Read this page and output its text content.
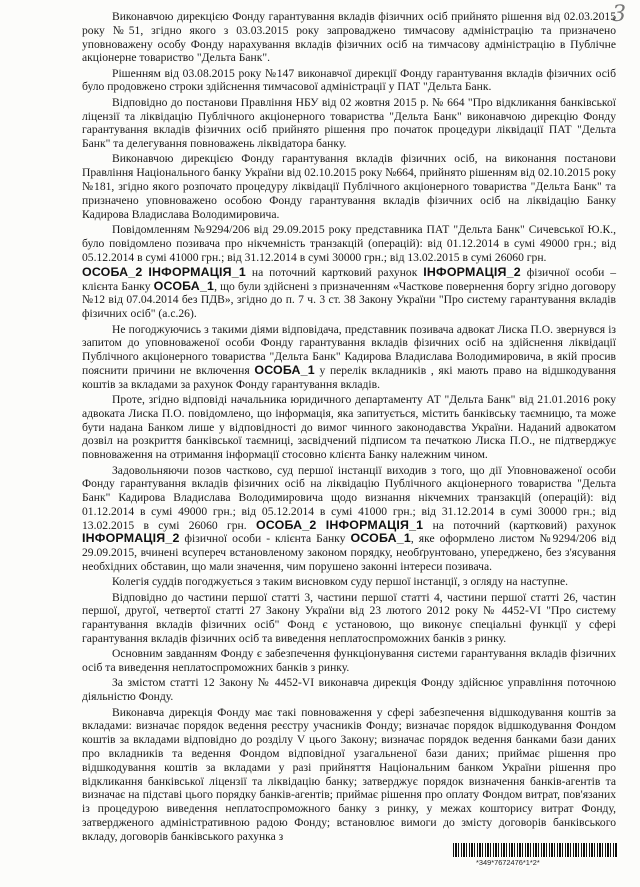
3

Виконавчою дирекцією Фонду гарантування вкладів фізичних осіб прийнято рішення від 02.03.2015 року №51, згідно якого з 03.03.2015 року запроваджено тимчасову адміністрацію та призначено уповноважену особу Фонду нарахування вкладів фізичних осіб на тимчасову адміністрацію в Публічне акціонерне товариство "Дельта Банк".

Рішенням від 03.08.2015 року №147 виконавчої дирекції Фонду гарантування вкладів фізичних осіб було продовжено строки здійснення тимчасової адміністрації у ПАТ "Дельта Банк.

Відповідно до постанови Правління НБУ від 02 жовтня 2015 р. № 664 "Про відкликання банківської ліцензії та ліквідацію Публічного акціонерного товариства "Дельта Банк" виконавчою дирекцію Фонду гарантування вкладів фізичних осіб прийнято рішення про початок процедури ліквідації ПАТ "Дельта Банк" та делегування повноважень ліквідатора банку.

Виконавчою дирекцією Фонду гарантування вкладів фізичних осіб, на виконання постанови Правління Національного банку України від 02.10.2015 року №664, прийнято рішенням від 02.10.2015 року №181, згідно якого розпочато процедуру ліквідації Публічного акціонерного товариства "Дельта Банк" та призначено уповноважено особою Фонду гарантування вкладів фізичних осіб на ліквідацію Банку Кадирова Владислава Володимировича.

Повідомленням №9294/206 від 29.09.2015 року представника ПАТ "Дельта Банк" Сичевської Ю.К., було повідомлено позивача про нікчемність транзакцій (операцій): від 01.12.2014 в сумі 49000 грн.; від 05.12.2014 в сумі 41000 грн.; від 31.12.2014 в сумі 30000 грн.; від 13.02.2015 в сумі 26060 грн.

ОСОБА_2 ІНФОРМАЦІЯ_1 на поточний картковий рахунок ІНФОРМАЦІЯ_2 фізичної особи – клієнта Банку ОСОБА_1, що були здійснені з призначенням «Часткове повернення боргу згідно договору №12 від 07.04.2014 без ПДВ», згідно до п. 7 ч. 3 ст. 38 Закону України "Про систему гарантування вкладів фізичних осіб" (а.с.26).

Не погоджуючись з такими діями відповідача, представник позивача адвокат Лиска П.О. звернувся із запитом до уповноваженої особи Фонду гарантування вкладів фізичних осіб на здійснення ліквідації Публічного акціонерного товариства "Дельта Банк" Кадирова Владислава Володимировича, в якій просив пояснити причини не включення ОСОБА_1 у перелік вкладників , які мають право на відшкодування коштів за вкладами за рахунок Фонду гарантування вкладів.

Проте, згідно відповіді начальника юридичного департаменту АТ "Дельта Банк" від 21.01.2016 року адвоката Лиска П.О. повідомлено, що інформація, яка запитується, містить банківську таємницю, та може бути надана Банком лише у відповідності до вимог чинного законодавства України. Наданий адвокатом дозвіл на розкриття банківської таємниці, засвідчений підписом та печаткою Лиска П.О., не підтверджує повноваження на отримання інформації стосовно клієнта Банку належним чином.

Задовольняючи позов частково, суд першої інстанції виходив з того, що дії Уповноваженої особи Фонду гарантування вкладів фізичних осіб на ліквідацію Публічного акціонерного товариства "Дельта Банк" Кадирова Владислава Володимировича щодо визнання нікчемних транзакцій (операцій): від 01.12.2014 в сумі 49000 грн.; від 05.12.2014 в сумі 41000 грн.; від 31.12.2014 в сумі 30000 грн.; від 13.02.2015 в сумі 26060 грн. ОСОБА_2 ІНФОРМАЦІЯ_1 на поточний (картковий) рахунок ІНФОРМАЦІЯ_2 фізичної особи - клієнта Банку ОСОБА_1, яке оформлено листом №9294/206 від 29.09.2015, вчинені всупереч встановленому законом порядку, необґрунтовано, упереджено, без з'ясування необхідних обставин, що мали значення, чим порушено законні інтереси позивача.

Колегія суддів погоджується з таким висновком суду першої інстанції, з огляду на наступне.

Відповідно до частини першої статті 3, частини першої статті 4, частини першої статті 26, частин першої, другої, четвертої статті 27 Закону України від 23 лютого 2012 року № 4452-VI "Про систему гарантування вкладів фізичних осіб" Фонд є установою, що виконує спеціальні функції у сфері гарантування вкладів фізичних осіб та виведення неплатоспроможних банків з ринку.

Основним завданням Фонду є забезпечення функціонування системи гарантування вкладів фізичних осіб та виведення неплатоспроможних банків з ринку.

За змістом статті 12 Закону № 4452-VI виконавча дирекція Фонду здійснює управління поточною діяльністю Фонду.

Виконавча дирекція Фонду має такі повноваження у сфері забезпечення відшкодування коштів за вкладами: визначає порядок ведення реєстру учасників Фонду; визначає порядок відшкодування Фондом коштів за вкладами відповідно до розділу V цього Закону; визначає порядок ведення банками бази даних про вкладників та ведення Фондом відповідної узагальненої бази даних; приймає рішення про відшкодування коштів за вкладами у разі прийняття Національним банком України рішення про відкликання банківської ліцензії та ліквідацію банку; затверджує порядок визначення банків-агентів та визначає на підставі цього порядку банків-агентів; приймає рішення про оплату Фондом витрат, пов'язаних із процедурою виведення неплатоспроможного банку з ринку, у межах кошторису витрат Фонду, затвердженого адміністративною радою Фонду; встановлює вимоги до змісту договорів банківського вкладу, договорів банківського рахунка з

*349*7672476*1*2*
